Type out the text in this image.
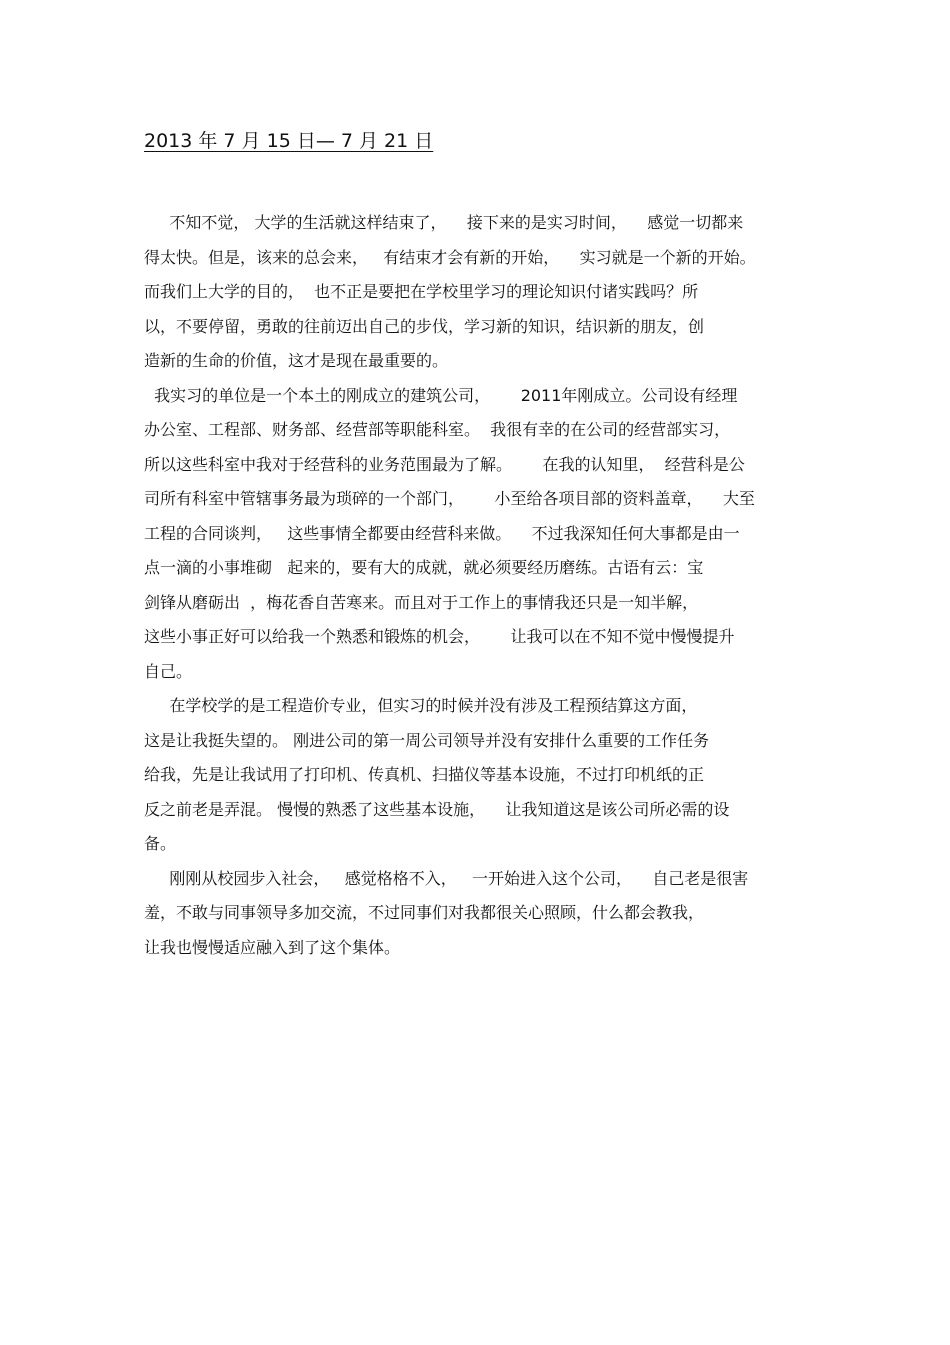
2013 年 7 月 15 日— 7 月 21 日
不知不觉， 大学的生活就这样结束了，    接下来的是实习时间，    感觉一切都来
得太快。但是，该来的总会来，   有结束才会有新的开始，    实习就是一个新的开始。
而我们上大学的目的，  也不正是要把在学校里学习的理论知识付诸实践吗？所
以，不要停留，勇敢的往前迈出自己的步伐，学习新的知识，结识新的朋友，创
造新的生命的价值，这才是现在最重要的。
我实习的单位是一个本土的刚成立的建筑公司，      2011年刚成立。公司设有经理
办公室、工程部、财务部、经营部等职能科室。  我很有幸的在公司的经营部实习，
所以这些科室中我对于经营科的业务范围最为了解。      在我的认知里，  经营科是公
司所有科室中管辖事务最为琐碎的一个部门，      小至给各项目部的资料盖章，    大至
工程的合同谈判，   这些事情全都要由经营科来做。    不过我深知任何大事都是由一
点一滴的小事堆砌   起来的，要有大的成就，就必须要经历磨练。古语有云：宝
剑锋从磨砺出  ，梅花香自苦寒来。而且对于工作上的事情我还只是一知半解，
这些小事正好可以给我一个熟悉和锻炼的机会，      让我可以在不知不觉中慢慢提升
自己。
在学校学的是工程造价专业，但实习的时候并没有涉及工程预结算这方面，
这是让我挺失望的。 刚进公司的第一周公司领导并没有安排什么重要的工作任务
给我，先是让我试用了打印机、传真机、扫描仪等基本设施，不过打印机纸的正
反之前老是弄混。 慢慢的熟悉了这些基本设施，    让我知道这是该公司所必需的设
备。
刚刚从校园步入社会，   感觉格格不入，   一开始进入这个公司，    自己老是很害
羞，不敢与同事领导多加交流，不过同事们对我都很关心照顾，什么都会教我，
让我也慢慢适应融入到了这个集体。
